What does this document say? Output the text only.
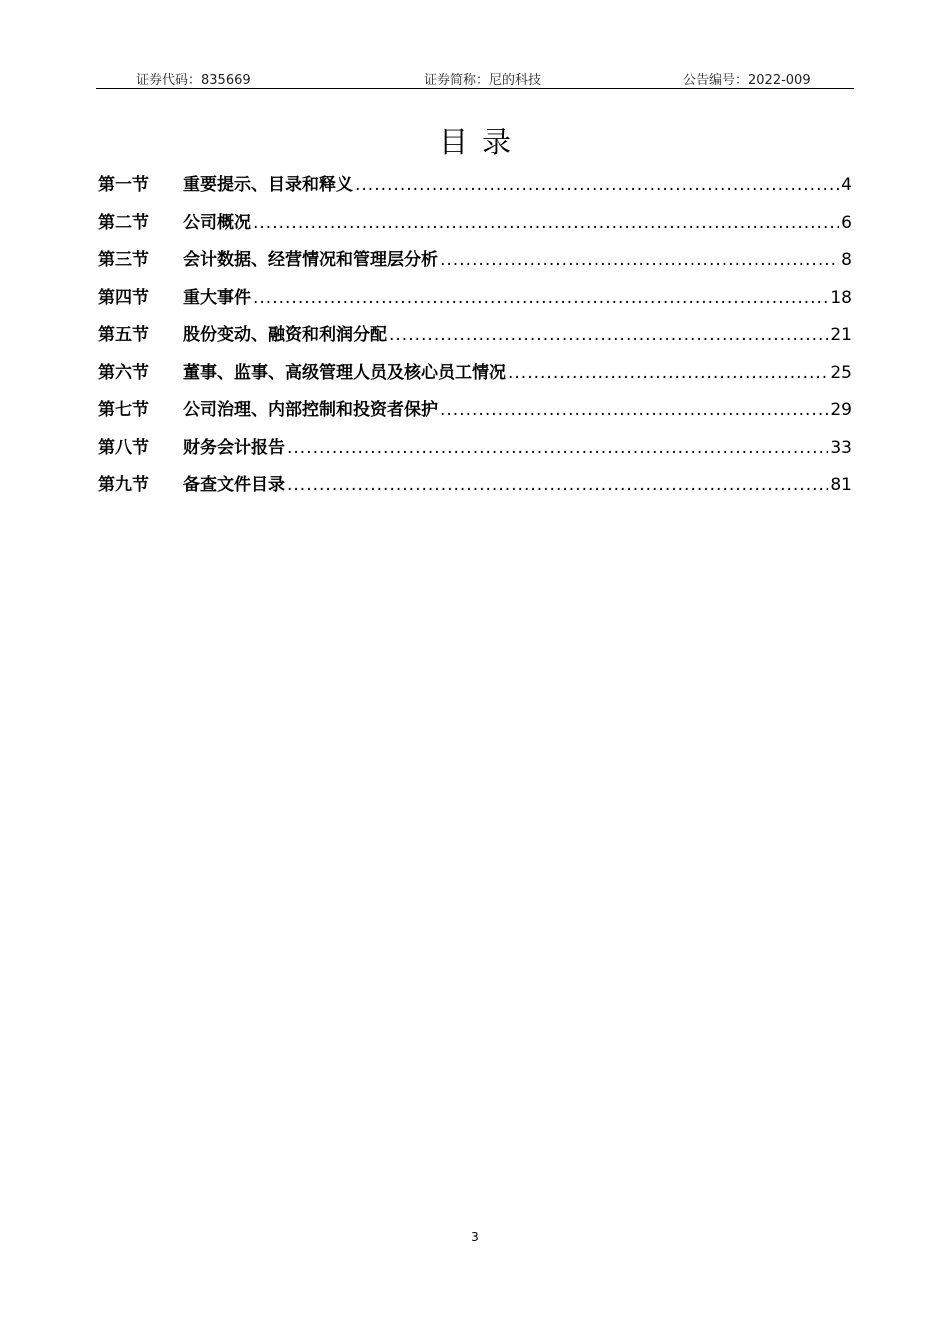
证券代码：835669	证券简称：尼的科技	公告编号：2022-009
目录
第一节	重要提示、目录和释义 .....	4
第二节	公司概况 .....	6
第三节	会计数据、经营情况和管理层分析 .....	8
第四节	重大事件 .....	18
第五节	股份变动、融资和利润分配 .....	21
第六节	董事、监事、高级管理人员及核心员工情况 .....	25
第七节	公司治理、内部控制和投资者保护 .....	29
第八节	财务会计报告 .....	33
第九节	备查文件目录 .....	81
3
